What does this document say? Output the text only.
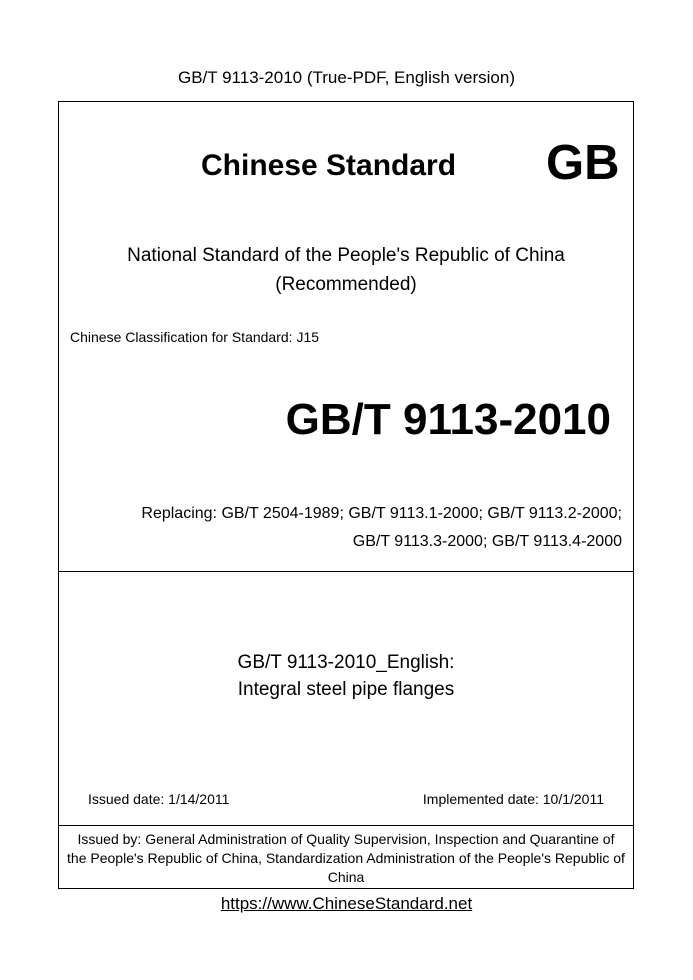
GB/T 9113-2010 (True-PDF, English version)
Chinese Standard GB
National Standard of the People's Republic of China
(Recommended)
Chinese Classification for Standard: J15
GB/T 9113-2010
Replacing: GB/T 2504-1989; GB/T 9113.1-2000; GB/T 9113.2-2000;
GB/T 9113.3-2000; GB/T 9113.4-2000
GB/T 9113-2010_English:
Integral steel pipe flanges
Issued date: 1/14/2011	Implemented date: 10/1/2011
Issued by: General Administration of Quality Supervision, Inspection and Quarantine of
the People's Republic of China, Standardization Administration of the People's Republic of
China
https://www.ChineseStandard.net
